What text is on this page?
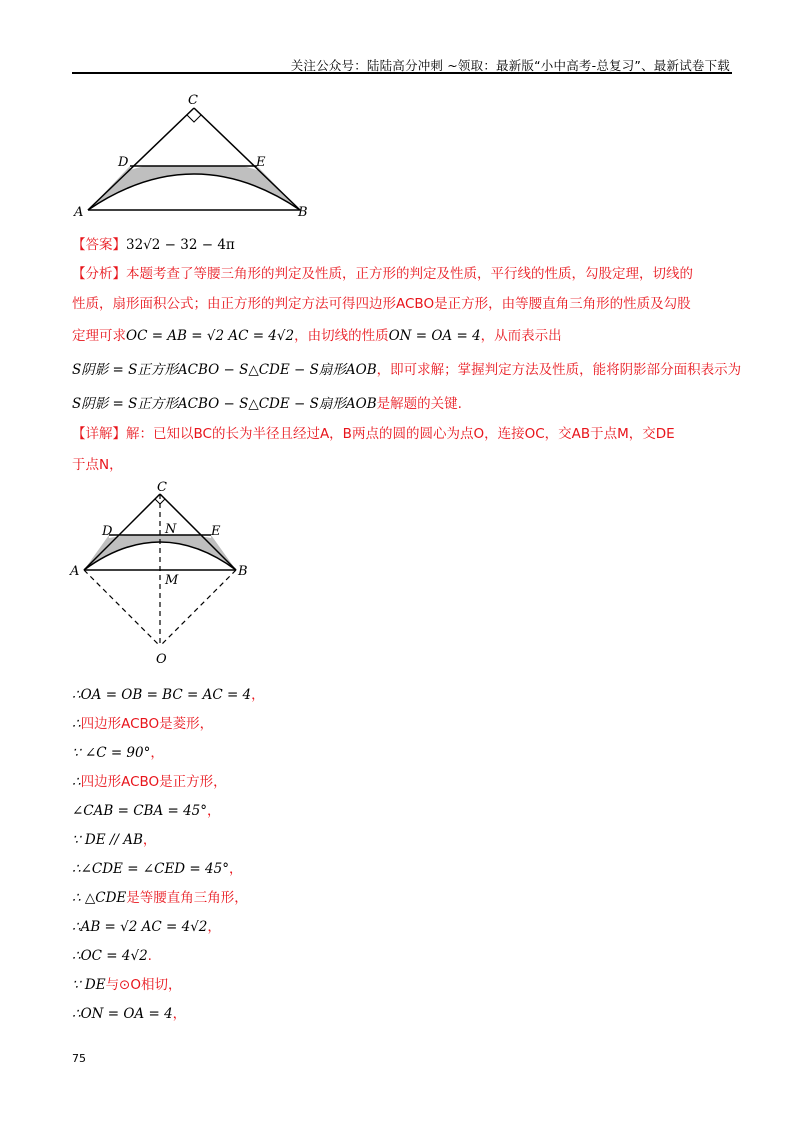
关注公众号：陆陆高分冲刺 ~领取：最新版“小中高考-总复习”、最新试卷下载
C
D	E
A	B
【答案】32√2 − 32 − 4π
【分析】本题考查了等腰三角形的判定及性质，正方形的判定及性质，平行线的性质，勾股定理，切线的
性质，扇形面积公式；由正方形的判定方法可得四边形ACBO是正方形，由等腰直角三角形的性质及勾股
定理可求OC = AB = √2 AC = 4√2，由切线的性质ON = OA = 4，从而表示出
S阴影 = S正方形ACBO − S△CDE − S扇形AOB，即可求解；掌握判定方法及性质，能将阴影部分面积表示为
S阴影 = S正方形ACBO − S△CDE − S扇形AOB是解题的关键.
【详解】解：已知以BC的长为半径且经过A，B两点的圆的圆心为点O，连接OC，交AB于点M，交DE
于点N，
C
D	N	E
A
M
B
O
∴OA = OB = BC = AC = 4，
∴四边形ACBO是菱形，
∵ ∠C = 90°，
∴四边形ACBO是正方形，
∠CAB = CBA = 45°，
∵ DE // AB，
∴∠CDE = ∠CED = 45°，
∴ △CDE是等腰直角三角形，
∴AB = √2 AC = 4√2，
∴OC = 4√2.
∵ DE与⊙O相切，
∴ON = OA = 4，
75
